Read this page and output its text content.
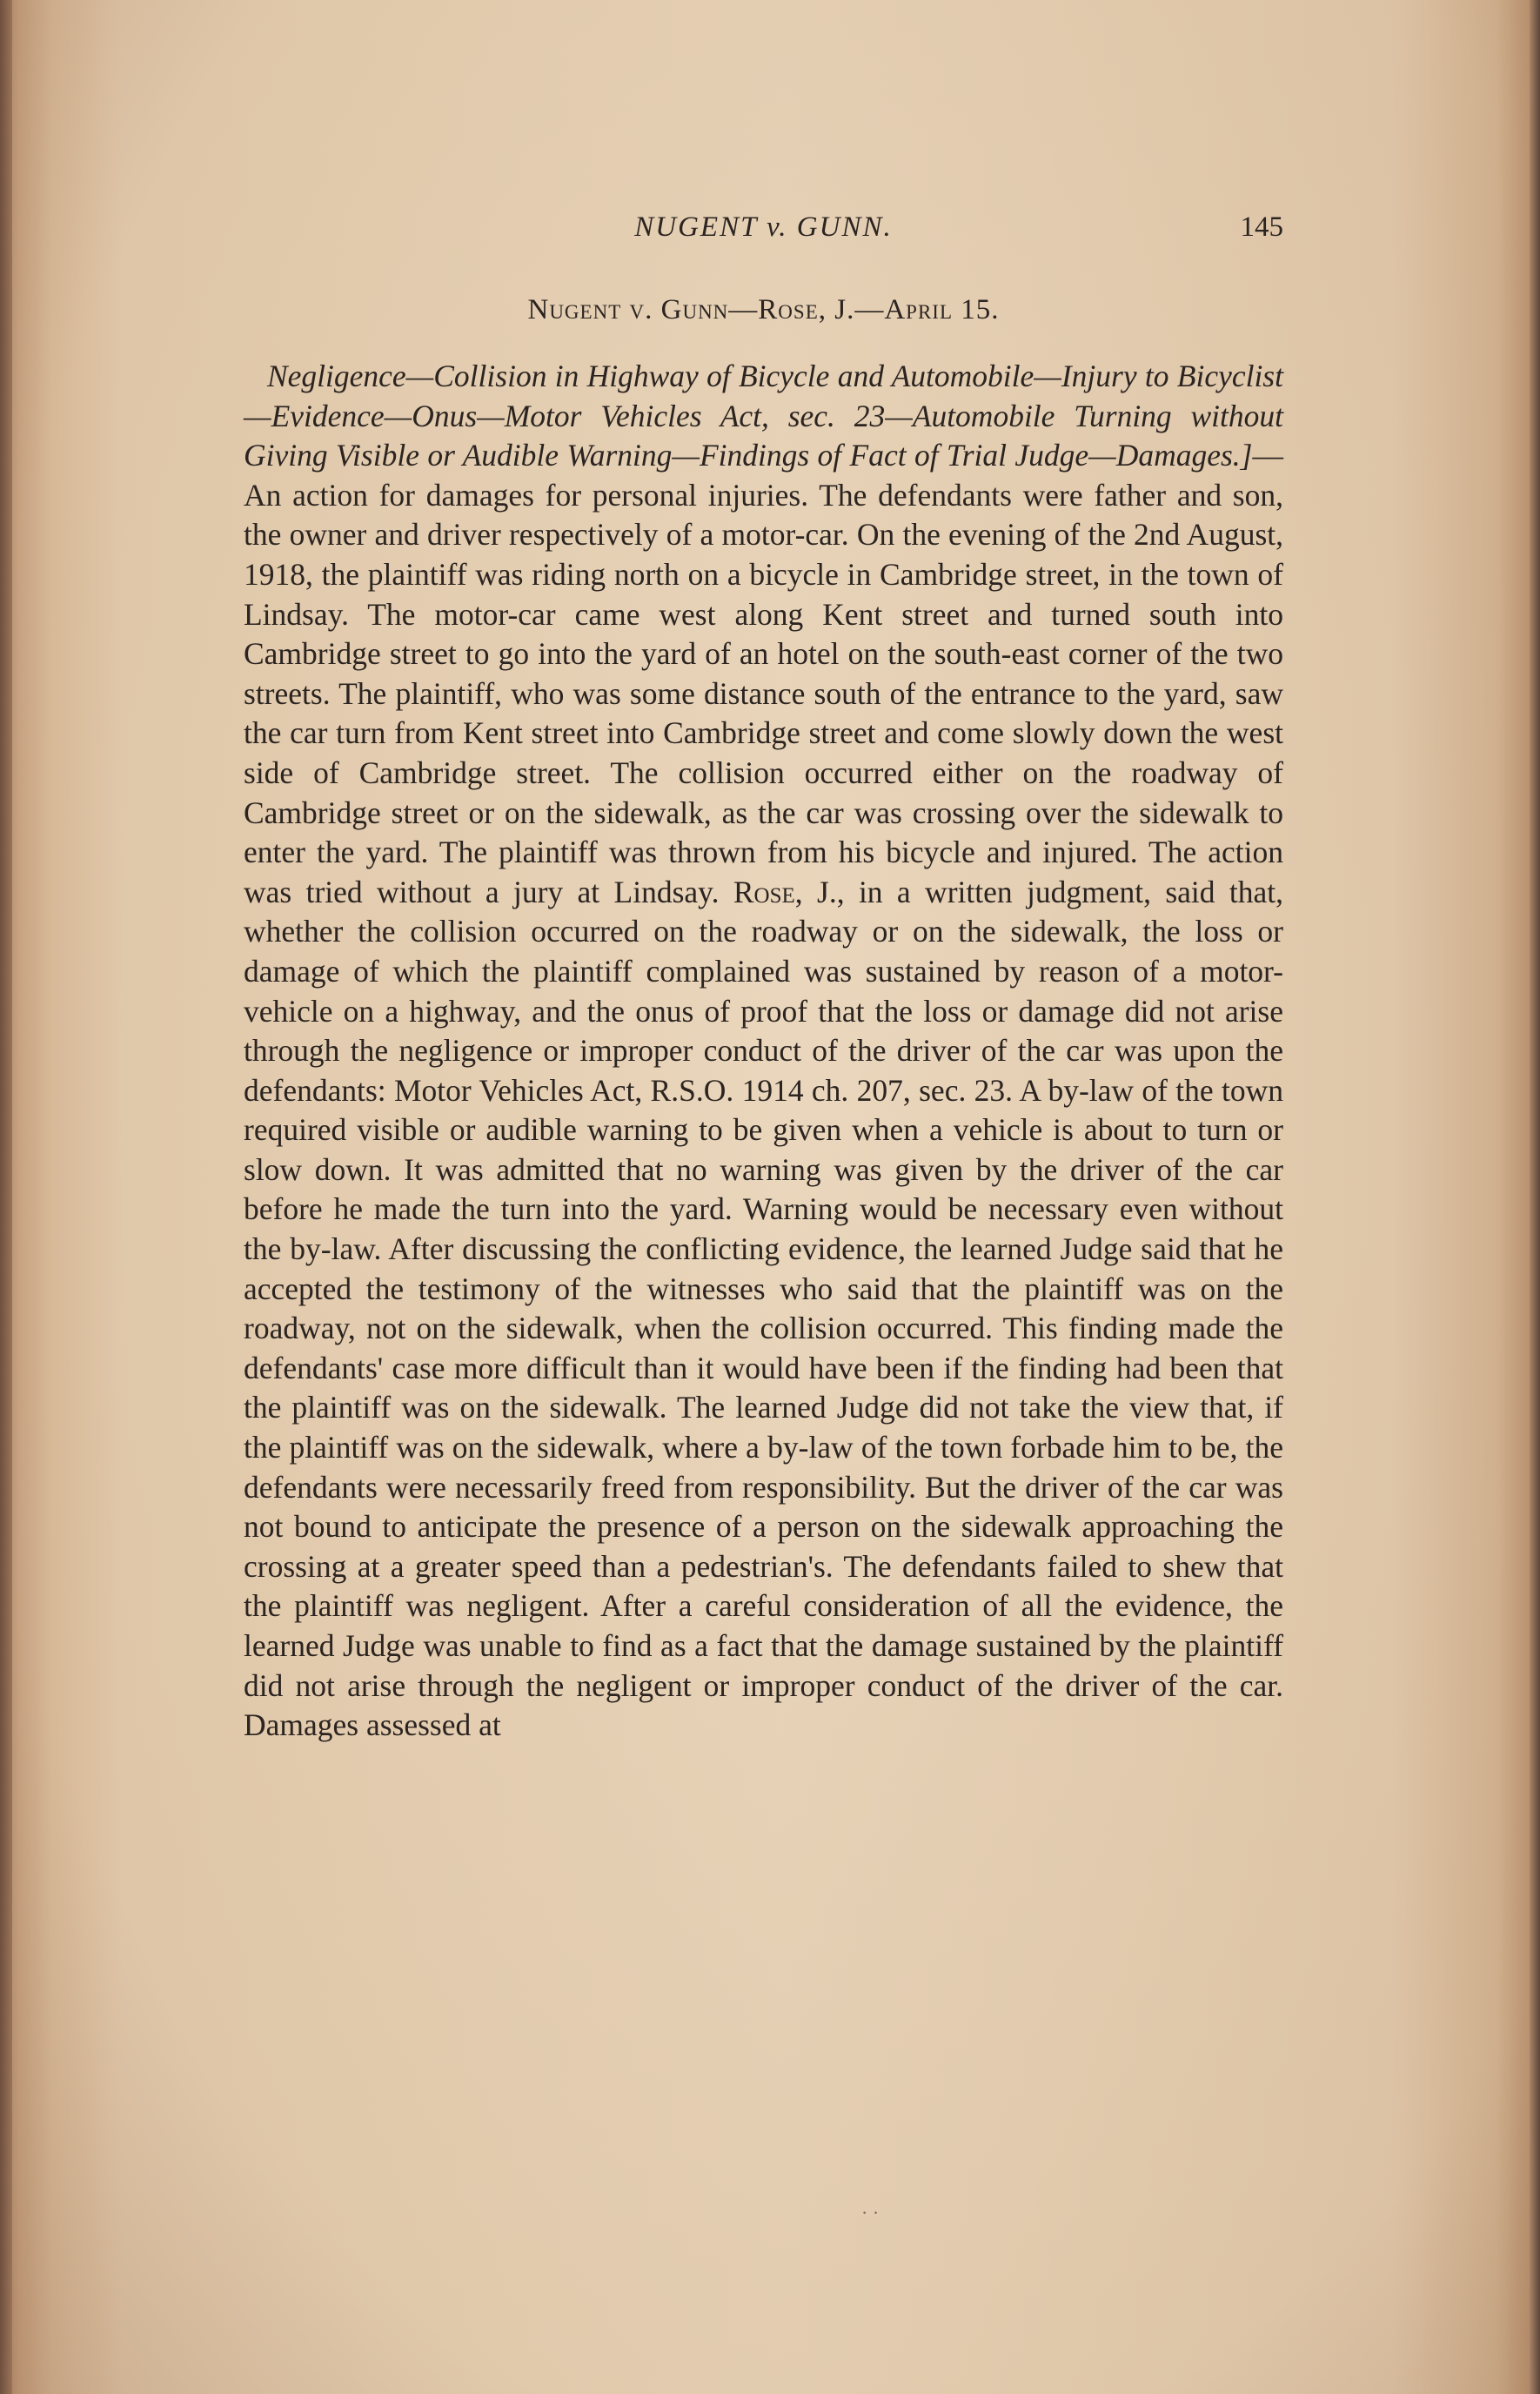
NUGENT v. GUNN.	145
Nugent v. Gunn—Rose, J.—April 15.

Negligence—Collision in Highway of Bicycle and Automobile—Injury to Bicyclist—Evidence—Onus—Motor Vehicles Act, sec. 23—Automobile Turning without Giving Visible or Audible Warning—Findings of Fact of Trial Judge—Damages.]—An action for damages for personal injuries. The defendants were father and son, the owner and driver respectively of a motor-car. On the evening of the 2nd August, 1918, the plaintiff was riding north on a bicycle in Cambridge street, in the town of Lindsay. The motor-car came west along Kent street and turned south into Cambridge street to go into the yard of an hotel on the south-east corner of the two streets. The plaintiff, who was some distance south of the entrance to the yard, saw the car turn from Kent street into Cambridge street and come slowly down the west side of Cambridge street. The collision occurred either on the roadway of Cambridge street or on the sidewalk, as the car was crossing over the sidewalk to enter the yard. The plaintiff was thrown from his bicycle and injured. The action was tried without a jury at Lindsay. Rose, J., in a written judgment, said that, whether the collision occurred on the roadway or on the sidewalk, the loss or damage of which the plaintiff complained was sustained by reason of a motor-vehicle on a highway, and the onus of proof that the loss or damage did not arise through the negligence or improper conduct of the driver of the car was upon the defendants: Motor Vehicles Act, R.S.O. 1914 ch. 207, sec. 23. A by-law of the town required visible or audible warning to be given when a vehicle is about to turn or slow down. It was admitted that no warning was given by the driver of the car before he made the turn into the yard. Warning would be necessary even without the by-law. After discussing the conflicting evidence, the learned Judge said that he accepted the testimony of the witnesses who said that the plaintiff was on the roadway, not on the sidewalk, when the collision occurred. This finding made the defendants' case more difficult than it would have been if the finding had been that the plaintiff was on the sidewalk. The learned Judge did not take the view that, if the plaintiff was on the sidewalk, where a by-law of the town forbade him to be, the defendants were necessarily freed from responsibility. But the driver of the car was not bound to anticipate the presence of a person on the sidewalk approaching the crossing at a greater speed than a pedestrian's. The defendants failed to shew that the plaintiff was negligent. After a careful consideration of all the evidence, the learned Judge was unable to find as a fact that the damage sustained by the plaintiff did not arise through the negligent or improper conduct of the driver of the car. Damages assessed at

· ·
